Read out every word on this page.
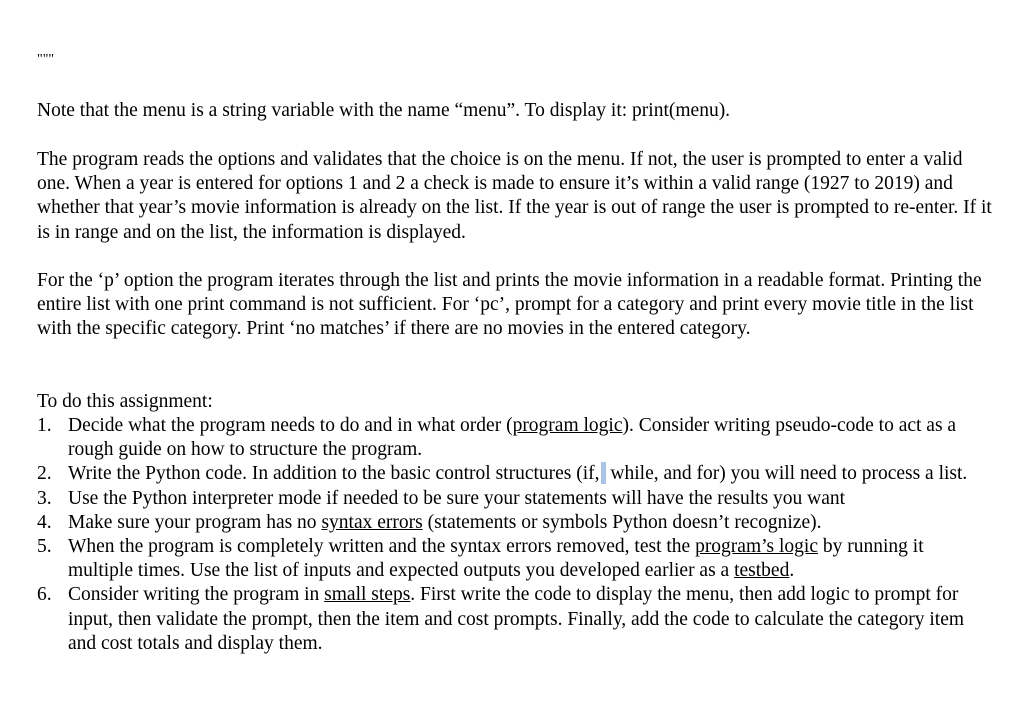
"""

Note that the menu is a string variable with the name “menu”. To display it: print(menu).

The program reads the options and validates that the choice is on the menu. If not, the user is prompted to enter a valid one. When a year is entered for options 1 and 2 a check is made to ensure it’s within a valid range (1927 to 2019) and whether that year’s movie information is already on the list. If the year is out of range the user is prompted to re-enter. If it is in range and on the list, the information is displayed.

For the ‘p’ option the program iterates through the list and prints the movie information in a readable format. Printing the entire list with one print command is not sufficient. For ‘pc’, prompt for a category and print every movie title in the list with the specific category. Print ‘no matches’ if there are no movies in the entered category.

To do this assignment:

1. Decide what the program needs to do and in what order (program logic). Consider writing pseudo-code to act as a rough guide on how to structure the program.
2. Write the Python code. In addition to the basic control structures (if, while, and for) you will need to process a list.
3. Use the Python interpreter mode if needed to be sure your statements will have the results you want
4. Make sure your program has no syntax errors (statements or symbols Python doesn’t recognize).
5. When the program is completely written and the syntax errors removed, test the program’s logic by running it multiple times. Use the list of inputs and expected outputs you developed earlier as a testbed.
6. Consider writing the program in small steps. First write the code to display the menu, then add logic to prompt for input, then validate the prompt, then the item and cost prompts. Finally, add the code to calculate the category item and cost totals and display them.
